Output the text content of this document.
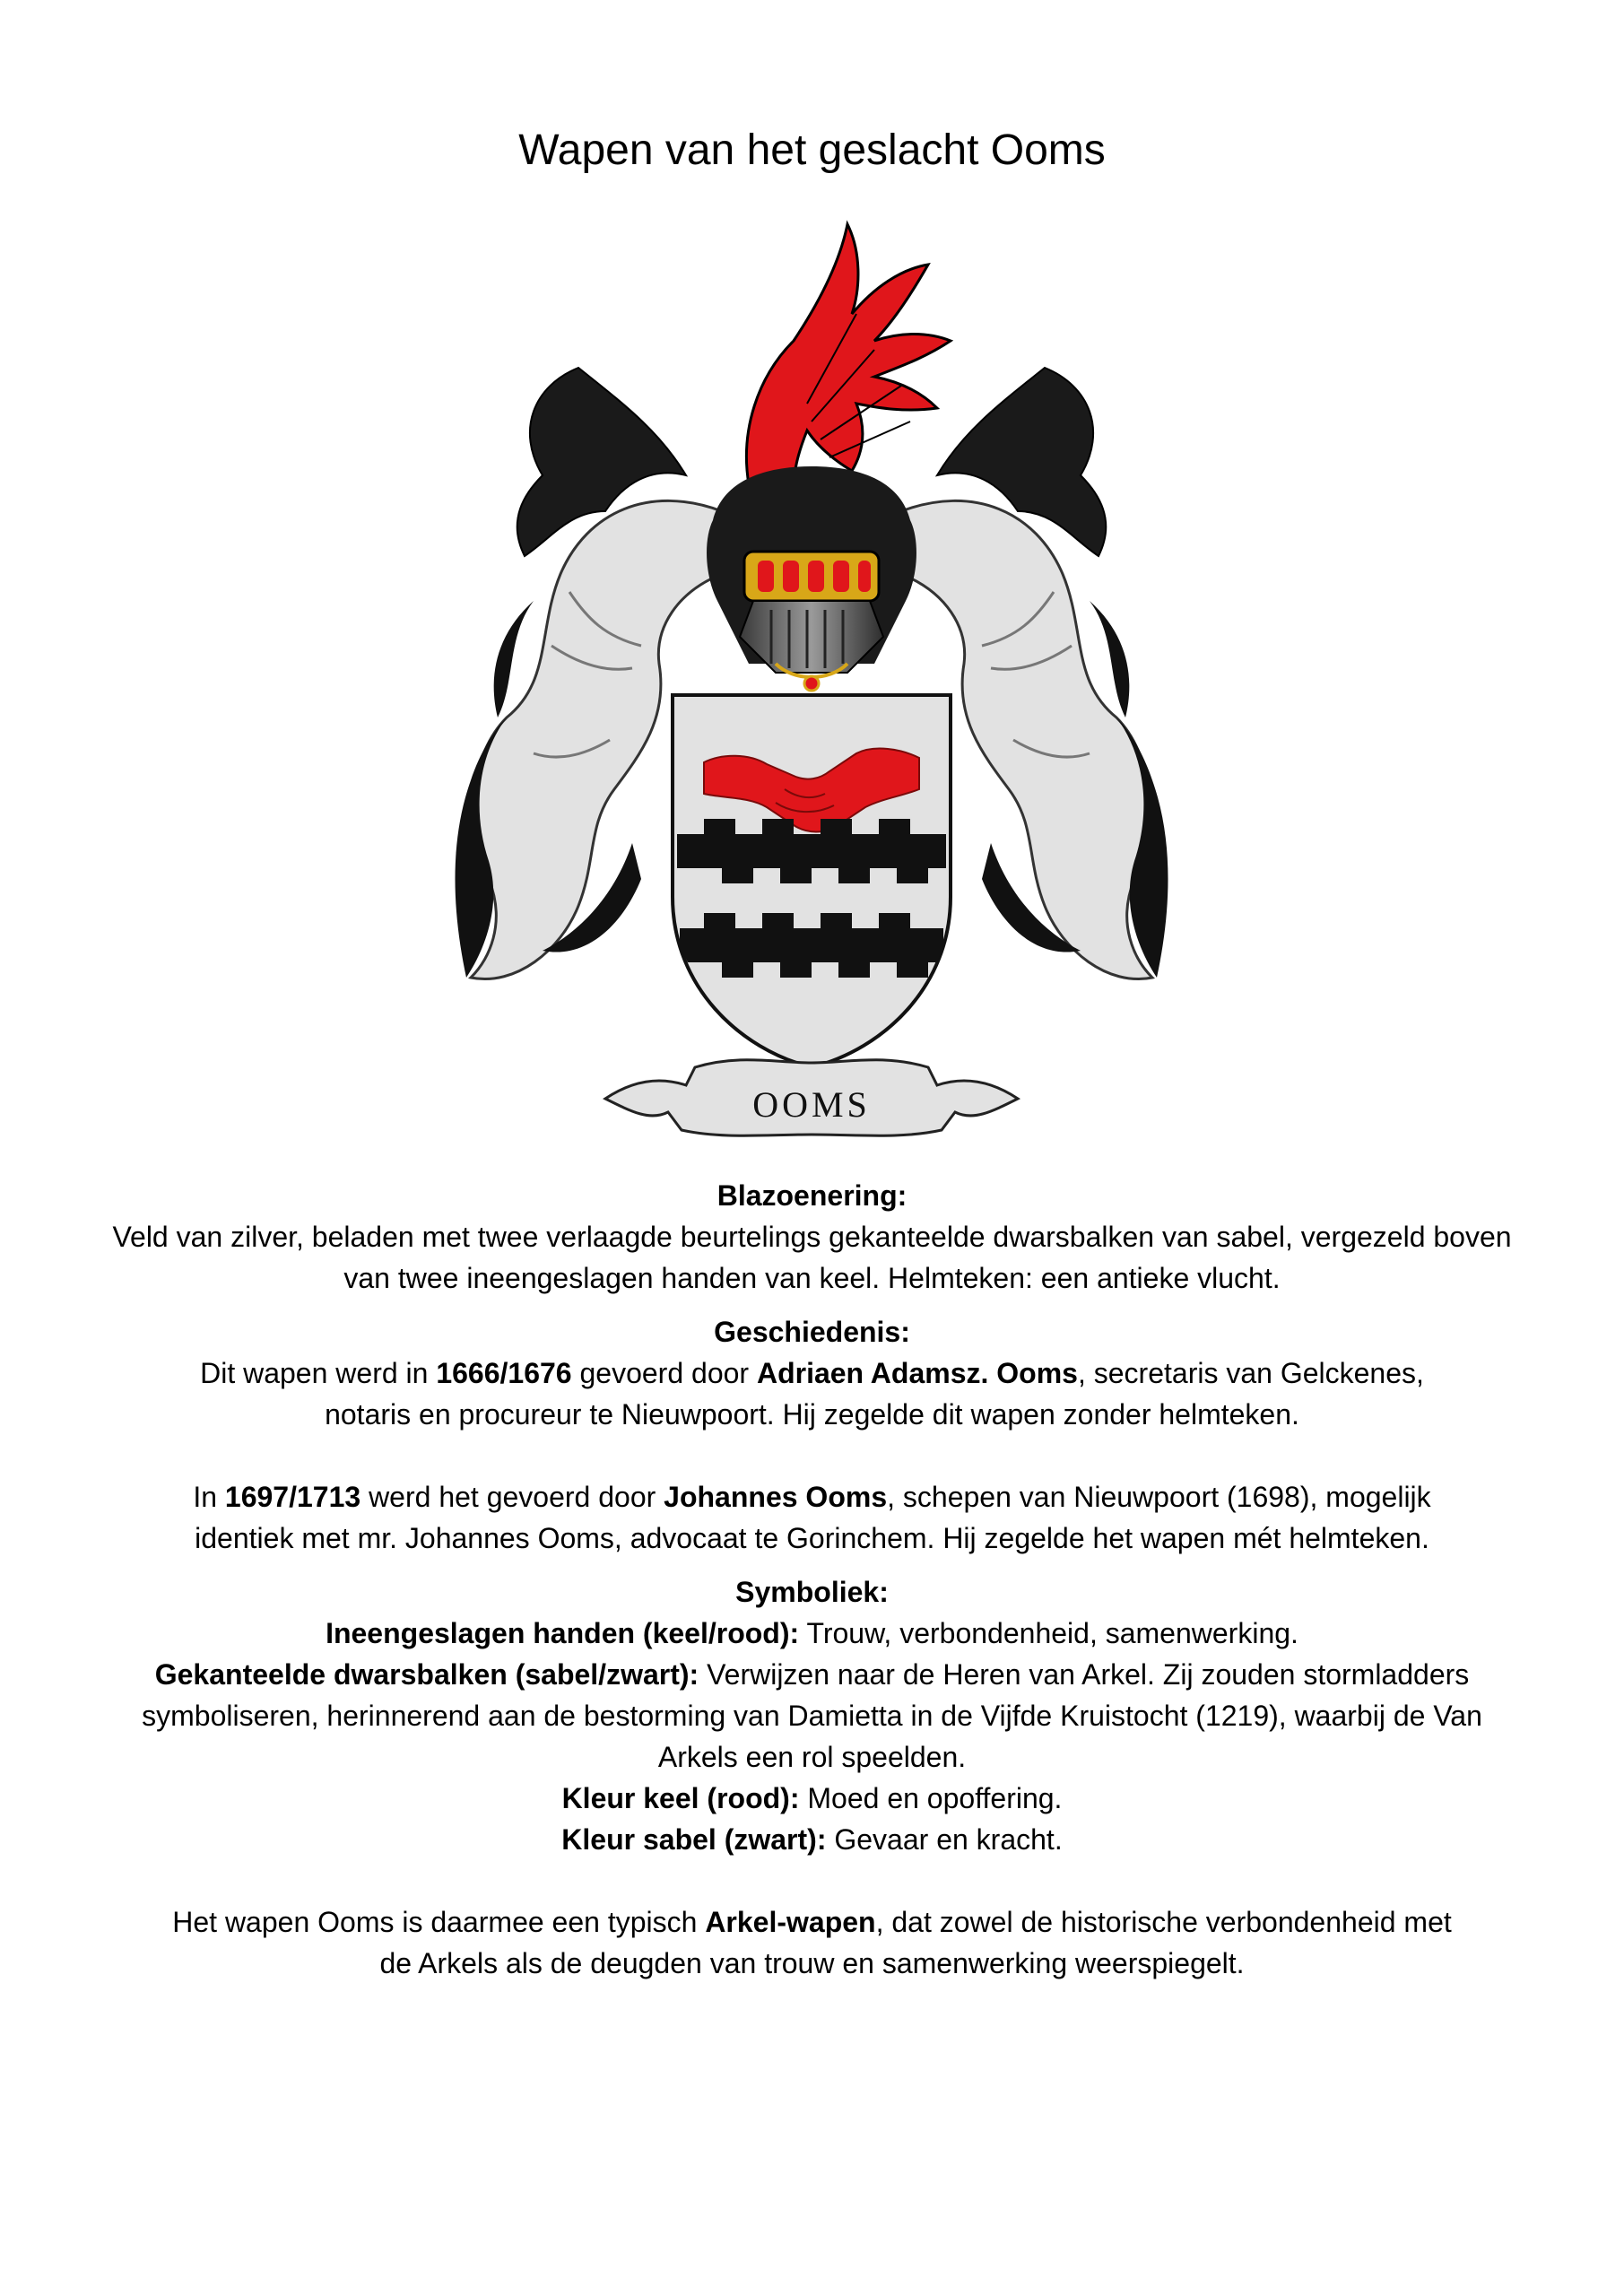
Wapen van het geslacht Ooms
OOMS

Blazoenering:

Veld van zilver, beladen met twee verlaagde beurtelings gekanteelde dwarsbalken van sabel, vergezeld boven van twee ineengeslagen handen van keel. Helmteken: een antieke vlucht.

Geschiedenis:

Dit wapen werd in 1666/1676 gevoerd door Adriaen Adamsz. Ooms, secretaris van Gelckenes,
notaris en procureur te Nieuwpoort. Hij zegelde dit wapen zonder helmteken.

In 1697/1713 werd het gevoerd door Johannes Ooms, schepen van Nieuwpoort (1698), mogelijk
identiek met mr. Johannes Ooms, advocaat te Gorinchem. Hij zegelde het wapen mét helmteken.

Symboliek:

Ineengeslagen handen (keel/rood): Trouw, verbondenheid, samenwerking.

Gekanteelde dwarsbalken (sabel/zwart): Verwijzen naar de Heren van Arkel. Zij zouden stormladders symboliseren, herinnerend aan de bestorming van Damietta in de Vijfde Kruistocht (1219), waarbij de Van Arkels een rol speelden.

Kleur keel (rood): Moed en opoffering.

Kleur sabel (zwart): Gevaar en kracht.

Het wapen Ooms is daarmee een typisch Arkel-wapen, dat zowel de historische verbondenheid met
de Arkels als de deugden van trouw en samenwerking weerspiegelt.
